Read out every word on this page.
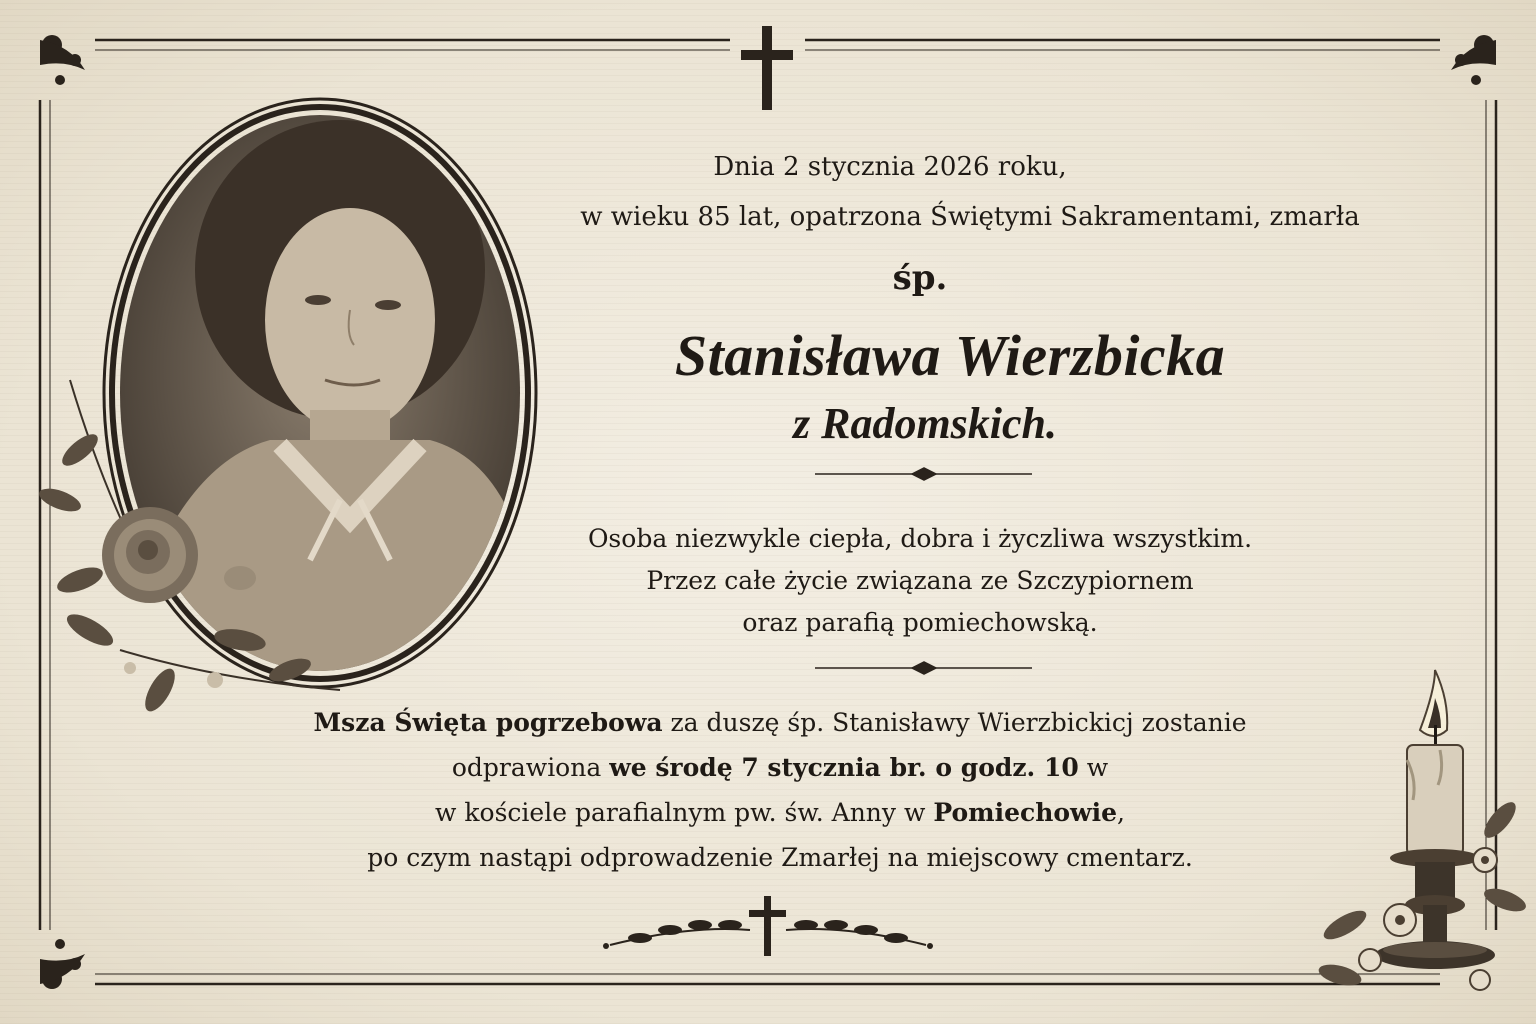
Dnia 2 stycznia 2026 roku,
w wieku 85 lat, opatrzona Świętymi Sakramentami, zmarła
śp.
Stanisława Wierzbicka
z Radomskich.
Osoba niezwykle ciepła, dobra i życzliwa wszystkim.
Przez całe życie związana ze Szczypiornem
oraz parafią pomiechowską.
Msza Święta pogrzebowa za duszę śp. Stanisławy Wierzbickicj zostanie
odprawiona we środę 7 stycznia br. o godz. 10 w
w kościele parafialnym pw. św. Anny w Pomiechowie,
po czym nastąpi odprowadzenie Zmarłej na miejscowy cmentarz.
